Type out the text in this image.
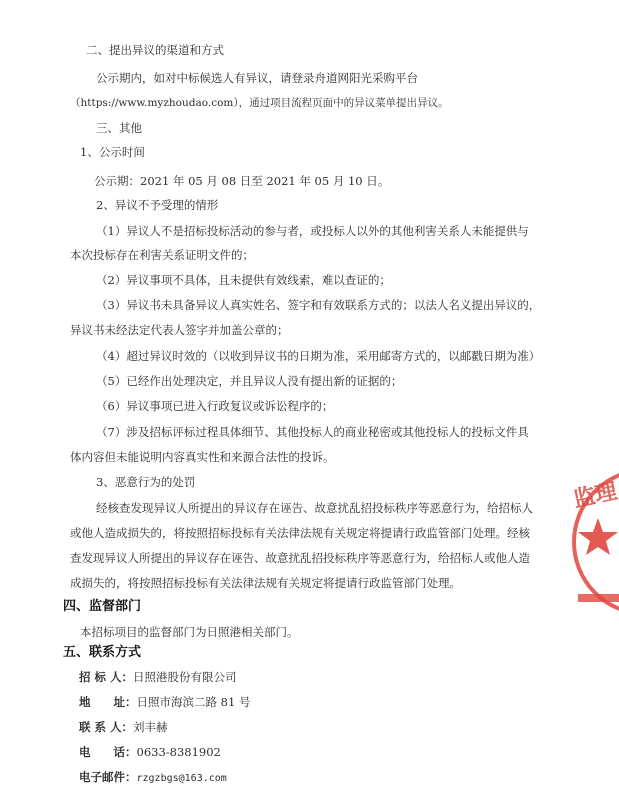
二、提出异议的渠道和方式

公示期内，如对中标候选人有异议，请登录舟道网阳光采购平台

（https://www.myzhoudao.com），通过项目流程页面中的异议菜单提出异议。

三、其他

1、公示时间

公示期：2021 年 05 月 08 日至 2021 年 05 月 10 日。

2、异议不予受理的情形

（1）异议人不是招标投标活动的参与者，或投标人以外的其他利害关系人未能提供与

本次投标存在利害关系证明文件的；

（2）异议事项不具体，且未提供有效线索，难以查证的；

（3）异议书未具备异议人真实姓名、签字和有效联系方式的；以法人名义提出异议的，

异议书未经法定代表人签字并加盖公章的；

（4）超过异议时效的（以收到异议书的日期为准，采用邮寄方式的，以邮戳日期为准）

（5）已经作出处理决定，并且异议人没有提出新的证据的；

（6）异议事项已进入行政复议或诉讼程序的；

（7）涉及招标评标过程具体细节、其他投标人的商业秘密或其他投标人的投标文件具

体内容但未能说明内容真实性和来源合法性的投诉。

3、恶意行为的处罚

经核查发现异议人所提出的异议存在诬告、故意扰乱招投标秩序等恶意行为，给招标人

或他人造成损失的，将按照招标投标有关法律法规有关规定将提请行政监管部门处理。经核

查发现异议人所提出的异议存在诬告、故意扰乱招投标秩序等恶意行为，给招标人或他人造

成损失的，将按照招标投标有关法律法规有关规定将提请行政监管部门处理。

四、监督部门

本招标项目的监督部门为日照港相关部门。

五、联系方式

招 标 人：日照港股份有限公司

地　　址：日照市海滨二路 81 号

联 系 人：刘丰赫

电　　话：0633-8381902

电子邮件：rzgzbgs@163.com

监理
